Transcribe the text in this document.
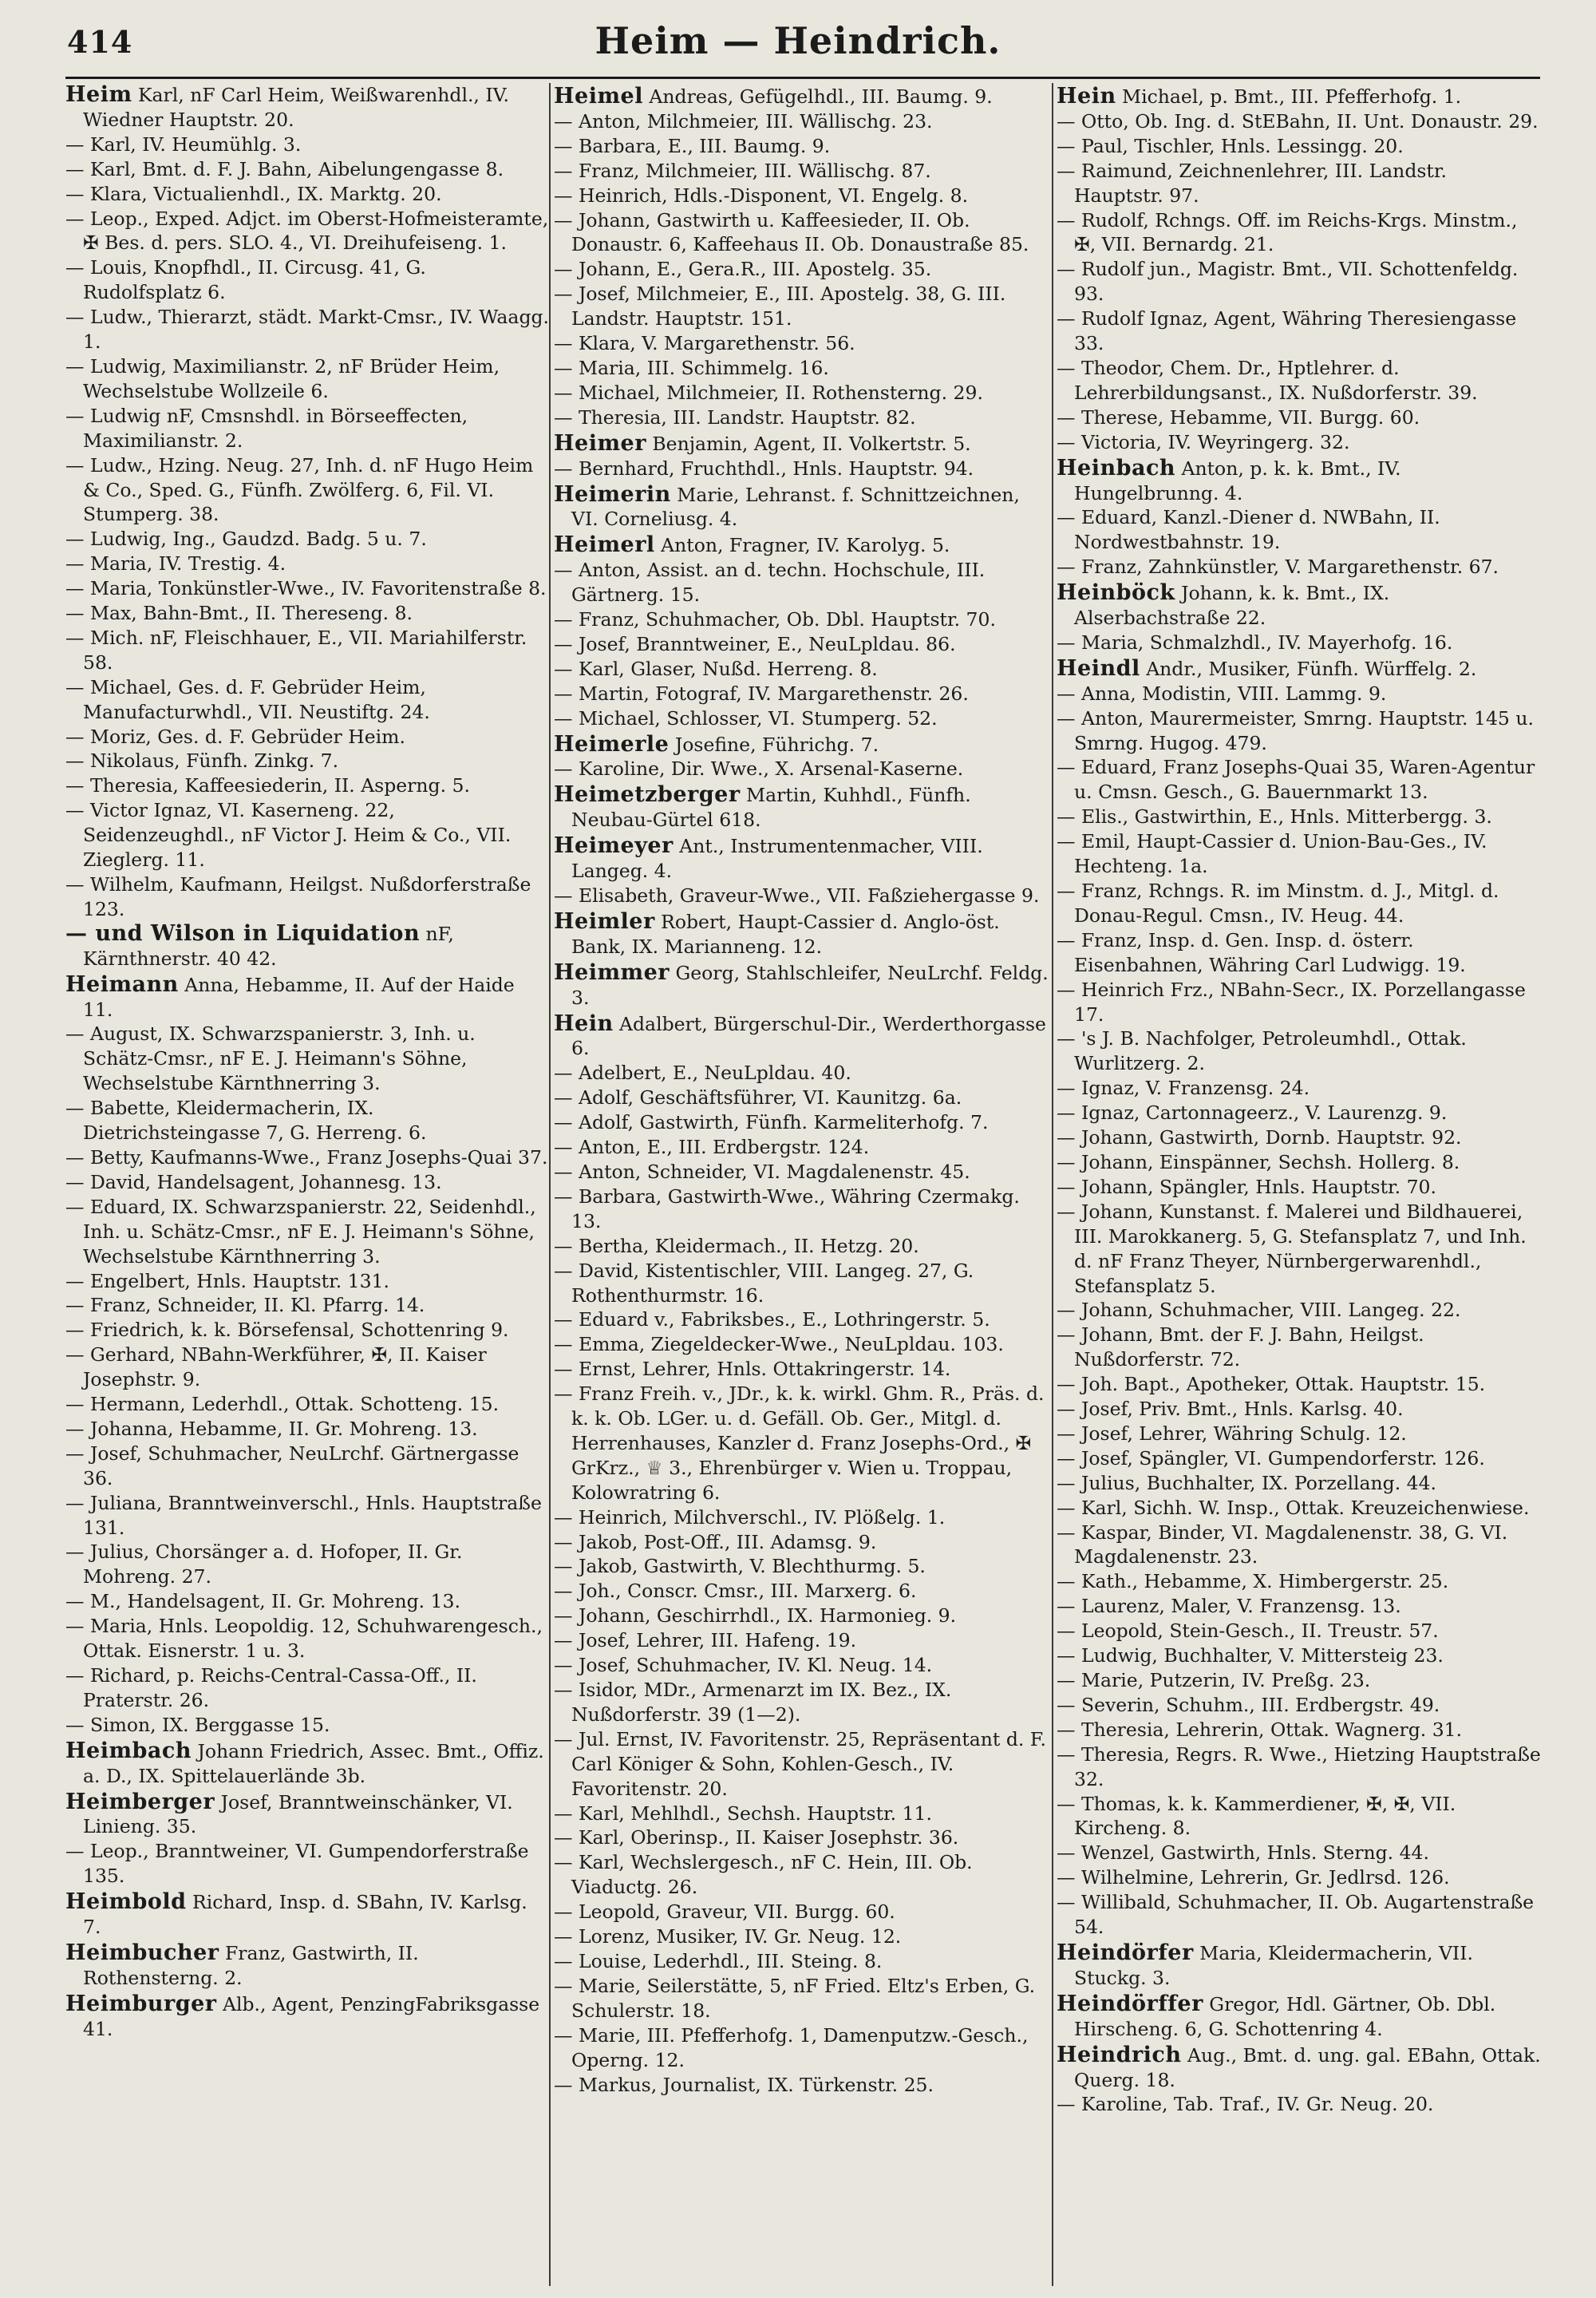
414	Heim — Heindrich.
Heim Karl, nF Carl Heim, Weißwarenhdl., IV. Wiedner Hauptstr. 20.
— Karl, IV. Heumühlg. 3.
— Karl, Bmt. d. F. J. Bahn, Aibelungengasse 8.
— Klara, Victualienhdl., IX. Marktg. 20.
— Leop., Exped. Adjct. im Oberst-Hofmeisteramte, ✠ Bes. d. pers. SLO. 4., VI. Dreihufeiseng. 1.
— Louis, Knopfhdl., II. Circusg. 41, G. Rudolfsplatz 6.
— Ludw., Thierarzt, städt. Markt-Cmsr., IV. Waagg. 1.
— Ludwig, Maximilianstr. 2, nF Brüder Heim, Wechselstube Wollzeile 6.
— Ludwig nF, Cmsnshdl. in Börseeffecten, Maximilianstr. 2.
— Ludw., Hzing. Neug. 27, Inh. d. nF Hugo Heim & Co., Sped. G., Fünfh. Zwölferg. 6, Fil. VI. Stumperg. 38.
— Ludwig, Ing., Gaudzd. Badg. 5 u. 7.
— Maria, IV. Trestig. 4.
— Maria, Tonkünstler-Wwe., IV. Favoritenstraße 8.
— Max, Bahn-Bmt., II. Thereseng. 8.
— Mich. nF, Fleischhauer, E., VII. Mariahilferstr. 58.
— Michael, Ges. d. F. Gebrüder Heim, Manufacturwhdl., VII. Neustiftg. 24.
— Moriz, Ges. d. F. Gebrüder Heim.
— Nikolaus, Fünfh. Zinkg. 7.
— Theresia, Kaffeesiederin, II. Asperng. 5.
— Victor Ignaz, VI. Kaserneng. 22, Seidenzeughdl., nF Victor J. Heim & Co., VII. Zieglerg. 11.
— Wilhelm, Kaufmann, Heilgst. Nußdorferstraße 123.
— und Wilson in Liquidation nF, Kärnthnerstr. 40 42.
Heimann Anna, Hebamme, II. Auf der Haide 11.
— August, IX. Schwarzspanierstr. 3, Inh. u. Schätz-Cmsr., nF E. J. Heimann's Söhne, Wechselstube Kärnthnerring 3.
— Babette, Kleidermacherin, IX. Dietrichsteingasse 7, G. Herreng. 6.
— Betty, Kaufmanns-Wwe., Franz Josephs-Quai 37.
— David, Handelsagent, Johannesg. 13.
— Eduard, IX. Schwarzspanierstr. 22, Seidenhdl., Inh. u. Schätz-Cmsr., nF E. J. Heimann's Söhne, Wechselstube Kärnthnerring 3.
— Engelbert, Hnls. Hauptstr. 131.
— Franz, Schneider, II. Kl. Pfarrg. 14.
— Friedrich, k. k. Börsefensal, Schottenring 9.
— Gerhard, NBahn-Werkführer, ✠, II. Kaiser Josephstr. 9.
— Hermann, Lederhdl., Ottak. Schotteng. 15.
— Johanna, Hebamme, II. Gr. Mohreng. 13.
— Josef, Schuhmacher, NeuLrchf. Gärtnergasse 36.
— Juliana, Branntweinverschl., Hnls. Hauptstraße 131.
— Julius, Chorsänger a. d. Hofoper, II. Gr. Mohreng. 27.
— M., Handelsagent, II. Gr. Mohreng. 13.
— Maria, Hnls. Leopoldig. 12, Schuhwarengesch., Ottak. Eisnerstr. 1 u. 3.
— Richard, p. Reichs-Central-Cassa-Off., II. Praterstr. 26.
— Simon, IX. Berggasse 15.
Heimbach Johann Friedrich, Assec. Bmt., Offiz. a. D., IX. Spittelauerlände 3b.
Heimberger Josef, Branntweinschänker, VI. Linieng. 35.
— Leop., Branntweiner, VI. Gumpendorferstraße 135.
Heimbold Richard, Insp. d. SBahn, IV. Karlsg. 7.
Heimbucher Franz, Gastwirth, II. Rothensterng. 2.
Heimburger Alb., Agent, PenzingFabriksgasse 41.
Heimel Andreas, Gefügelhdl., III. Baumg. 9.
— Anton, Milchmeier, III. Wällischg. 23.
— Barbara, E., III. Baumg. 9.
— Franz, Milchmeier, III. Wällischg. 87.
— Heinrich, Hdls.-Disponent, VI. Engelg. 8.
— Johann, Gastwirth u. Kaffeesieder, II. Ob. Donaustr. 6, Kaffeehaus II. Ob. Donaustraße 85.
— Johann, E., Gera.R., III. Apostelg. 35.
— Josef, Milchmeier, E., III. Apostelg. 38, G. III. Landstr. Hauptstr. 151.
— Klara, V. Margarethenstr. 56.
— Maria, III. Schimmelg. 16.
— Michael, Milchmeier, II. Rothensterng. 29.
— Theresia, III. Landstr. Hauptstr. 82.
Heimer Benjamin, Agent, II. Volkertstr. 5.
— Bernhard, Fruchthdl., Hnls. Hauptstr. 94.
Heimerin Marie, Lehranst. f. Schnittzeichnen, VI. Corneliusg. 4.
Heimerl Anton, Fragner, IV. Karolyg. 5.
— Anton, Assist. an d. techn. Hochschule, III. Gärtnerg. 15.
— Franz, Schuhmacher, Ob. Dbl. Hauptstr. 70.
— Josef, Branntweiner, E., NeuLpldau. 86.
— Karl, Glaser, Nußd. Herreng. 8.
— Martin, Fotograf, IV. Margarethenstr. 26.
— Michael, Schlosser, VI. Stumperg. 52.
Heimerle Josefine, Führichg. 7.
— Karoline, Dir. Wwe., X. Arsenal-Kaserne.
Heimetzberger Martin, Kuhhdl., Fünfh. Neubau-Gürtel 618.
Heimeyer Ant., Instrumentenmacher, VIII. Langeg. 4.
— Elisabeth, Graveur-Wwe., VII. Faßziehergasse 9.
Heimler Robert, Haupt-Cassier d. Anglo-öst. Bank, IX. Marianneng. 12.
Heimmer Georg, Stahlschleifer, NeuLrchf. Feldg. 3.
Hein Adalbert, Bürgerschul-Dir., Werderthorgasse 6.
— Adelbert, E., NeuLpldau. 40.
— Adolf, Geschäftsführer, VI. Kaunitzg. 6a.
— Adolf, Gastwirth, Fünfh. Karmeliterhofg. 7.
— Anton, E., III. Erdbergstr. 124.
— Anton, Schneider, VI. Magdalenenstr. 45.
— Barbara, Gastwirth-Wwe., Währing Czermakg. 13.
— Bertha, Kleidermach., II. Hetzg. 20.
— David, Kistentischler, VIII. Langeg. 27, G. Rothenthurmstr. 16.
— Eduard v., Fabriksbes., E., Lothringerstr. 5.
— Emma, Ziegeldecker-Wwe., NeuLpldau. 103.
— Ernst, Lehrer, Hnls. Ottakringerstr. 14.
— Franz Freih. v., JDr., k. k. wirkl. Ghm. R., Präs. d. k. k. Ob. LGer. u. d. Gefäll. Ob. Ger., Mitgl. d. Herrenhauses, Kanzler d. Franz Josephs-Ord., ✠ GrKrz., ♕ 3., Ehrenbürger v. Wien u. Troppau, Kolowratring 6.
— Heinrich, Milchverschl., IV. Plößelg. 1.
— Jakob, Post-Off., III. Adamsg. 9.
— Jakob, Gastwirth, V. Blechthurmg. 5.
— Joh., Conscr. Cmsr., III. Marxerg. 6.
— Johann, Geschirrhdl., IX. Harmonieg. 9.
— Josef, Lehrer, III. Hafeng. 19.
— Josef, Schuhmacher, IV. Kl. Neug. 14.
— Isidor, MDr., Armenarzt im IX. Bez., IX. Nußdorferstr. 39 (1—2).
— Jul. Ernst, IV. Favoritenstr. 25, Repräsentant d. F. Carl Königer & Sohn, Kohlen-Gesch., IV. Favoritenstr. 20.
— Karl, Mehlhdl., Sechsh. Hauptstr. 11.
— Karl, Oberinsp., II. Kaiser Josephstr. 36.
— Karl, Wechslergesch., nF C. Hein, III. Ob. Viaductg. 26.
— Leopold, Graveur, VII. Burgg. 60.
— Lorenz, Musiker, IV. Gr. Neug. 12.
— Louise, Lederhdl., III. Steing. 8.
— Marie, Seilerstätte, 5, nF Fried. Eltz's Erben, G. Schulerstr. 18.
— Marie, III. Pfefferhofg. 1, Damenputzw.-Gesch., Operng. 12.
— Markus, Journalist, IX. Türkenstr. 25.
Hein Michael, p. Bmt., III. Pfefferhofg. 1.
— Otto, Ob. Ing. d. StEBahn, II. Unt. Donaustr. 29.
— Paul, Tischler, Hnls. Lessingg. 20.
— Raimund, Zeichnenlehrer, III. Landstr. Hauptstr. 97.
— Rudolf, Rchngs. Off. im Reichs-Krgs. Minstm., ✠, VII. Bernardg. 21.
— Rudolf jun., Magistr. Bmt., VII. Schottenfeldg. 93.
— Rudolf Ignaz, Agent, Währing Theresiengasse 33.
— Theodor, Chem. Dr., Hptlehrer. d. Lehrerbildungsanst., IX. Nußdorferstr. 39.
— Therese, Hebamme, VII. Burgg. 60.
— Victoria, IV. Weyringerg. 32.
Heinbach Anton, p. k. k. Bmt., IV. Hungelbrunng. 4.
— Eduard, Kanzl.-Diener d. NWBahn, II. Nordwestbahnstr. 19.
— Franz, Zahnkünstler, V. Margarethenstr. 67.
Heinböck Johann, k. k. Bmt., IX. Alserbachstraße 22.
— Maria, Schmalzhdl., IV. Mayerhofg. 16.
Heindl Andr., Musiker, Fünfh. Würffelg. 2.
— Anna, Modistin, VIII. Lammg. 9.
— Anton, Maurermeister, Smrng. Hauptstr. 145 u. Smrng. Hugog. 479.
— Eduard, Franz Josephs-Quai 35, Waren-Agentur u. Cmsn. Gesch., G. Bauernmarkt 13.
— Elis., Gastwirthin, E., Hnls. Mitterbergg. 3.
— Emil, Haupt-Cassier d. Union-Bau-Ges., IV. Hechteng. 1a.
— Franz, Rchngs. R. im Minstm. d. J., Mitgl. d. Donau-Regul. Cmsn., IV. Heug. 44.
— Franz, Insp. d. Gen. Insp. d. österr. Eisenbahnen, Währing Carl Ludwigg. 19.
— Heinrich Frz., NBahn-Secr., IX. Porzellangasse 17.
— 's J. B. Nachfolger, Petroleumhdl., Ottak. Wurlitzerg. 2.
— Ignaz, V. Franzensg. 24.
— Ignaz, Cartonnageerz., V. Laurenzg. 9.
— Johann, Gastwirth, Dornb. Hauptstr. 92.
— Johann, Einspänner, Sechsh. Hollerg. 8.
— Johann, Spängler, Hnls. Hauptstr. 70.
— Johann, Kunstanst. f. Malerei und Bildhauerei, III. Marokkanerg. 5, G. Stefansplatz 7, und Inh. d. nF Franz Theyer, Nürnbergerwarenhdl., Stefansplatz 5.
— Johann, Schuhmacher, VIII. Langeg. 22.
— Johann, Bmt. der F. J. Bahn, Heilgst. Nußdorferstr. 72.
— Joh. Bapt., Apotheker, Ottak. Hauptstr. 15.
— Josef, Priv. Bmt., Hnls. Karlsg. 40.
— Josef, Lehrer, Währing Schulg. 12.
— Josef, Spängler, VI. Gumpendorferstr. 126.
— Julius, Buchhalter, IX. Porzellang. 44.
— Karl, Sichh. W. Insp., Ottak. Kreuzeichenwiese.
— Kaspar, Binder, VI. Magdalenenstr. 38, G. VI. Magdalenenstr. 23.
— Kath., Hebamme, X. Himbergerstr. 25.
— Laurenz, Maler, V. Franzensg. 13.
— Leopold, Stein-Gesch., II. Treustr. 57.
— Ludwig, Buchhalter, V. Mittersteig 23.
— Marie, Putzerin, IV. Preßg. 23.
— Severin, Schuhm., III. Erdbergstr. 49.
— Theresia, Lehrerin, Ottak. Wagnerg. 31.
— Theresia, Regrs. R. Wwe., Hietzing Hauptstraße 32.
— Thomas, k. k. Kammerdiener, ✠, ✠, VII. Kircheng. 8.
— Wenzel, Gastwirth, Hnls. Sterng. 44.
— Wilhelmine, Lehrerin, Gr. Jedlrsd. 126.
— Willibald, Schuhmacher, II. Ob. Augartenstraße 54.
Heindörfer Maria, Kleidermacherin, VII. Stuckg. 3.
Heindörffer Gregor, Hdl. Gärtner, Ob. Dbl. Hirscheng. 6, G. Schottenring 4.
Heindrich Aug., Bmt. d. ung. gal. EBahn, Ottak. Querg. 18.
— Karoline, Tab. Traf., IV. Gr. Neug. 20.
